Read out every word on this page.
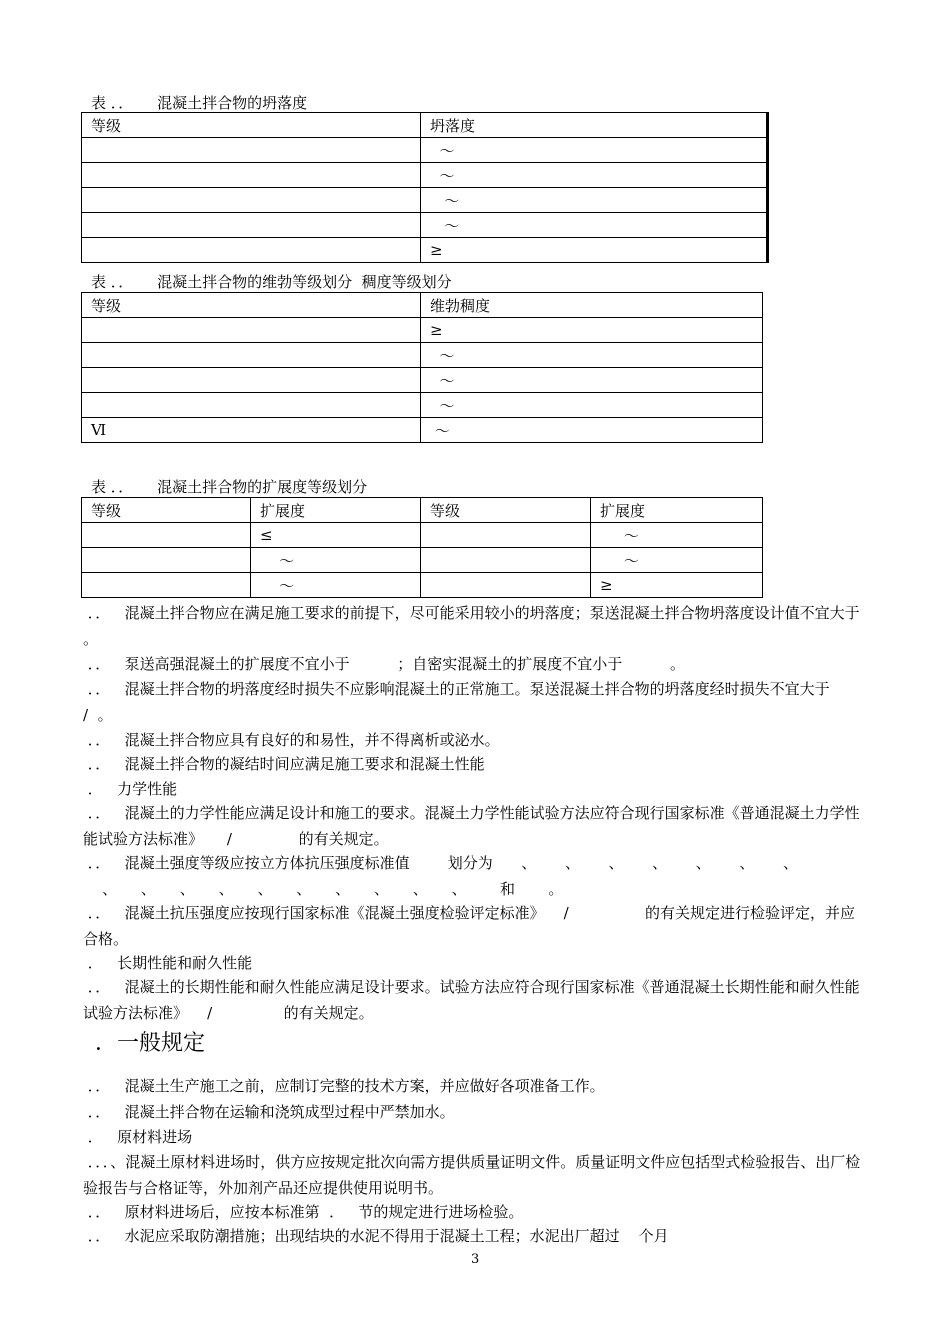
表 ．．     混凝土拌合物的坍落度
等级	坍落度
	～
	～
	～
	～
	≥
表 ．．     混凝土拌合物的维勃等级划分  稠度等级划分
等级	维勃稠度
	≥
	～
	～
	～
Ⅵ	～
表 ．．     混凝土拌合物的扩展度等级划分
等级	扩展度	等级	扩展度
	≤		～
	～		～
	～		≥
．．   混凝土拌合物应在满足施工要求的前提下，尽可能采用较小的坍落度；泵送混凝土拌合物坍落度设计值不宜大于          。
．．   泵送高强混凝土的扩展度不宜小于          ；自密实混凝土的扩展度不宜小于          。
．．   混凝土拌合物的坍落度经时损失不应影响混凝土的正常施工。泵送混凝土拌合物的坍落度经时损失不宜大于        /  。
．．   混凝土拌合物应具有良好的和易性，并不得离析或泌水。
．．   混凝土拌合物的凝结时间应满足施工要求和混凝土性能
．   力学性能
．．   混凝土的力学性能应满足设计和施工的要求。混凝土力学性能试验方法应符合现行国家标准《普通混凝土力学性能试验方法标准》     /              的有关规定。
．．   混凝土强度等级应按立方体抗压强度标准值        划分为      、      、      、      、      、      、      、
、     、     、     、     、     、     、     、     、     、       和       。
．．   混凝土抗压强度应按现行国家标准《混凝土强度检验评定标准》    /                的有关规定进行检验评定，并应合格。
．   长期性能和耐久性能
．．   混凝土的长期性能和耐久性能应满足设计要求。试验方法应符合现行国家标准《普通混凝土长期性能和耐久性能试验方法标准》    /               的有关规定。
．一般规定
．．   混凝土生产施工之前，应制订完整的技术方案，并应做好各项准备工作。
．．   混凝土拌合物在运输和浇筑成型过程中严禁加水。
．   原材料进场
．．．、混凝土原材料进场时，供方应按规定批次向需方提供质量证明文件。质量证明文件应包括型式检验报告、出厂检验报告与合格证等，外加剂产品还应提供使用说明书。
．．   原材料进场后，应按本标准第  ．   节的规定进行进场检验。
．．   水泥应采取防潮措施；出现结块的水泥不得用于混凝土工程；水泥出厂超过    个月
3
